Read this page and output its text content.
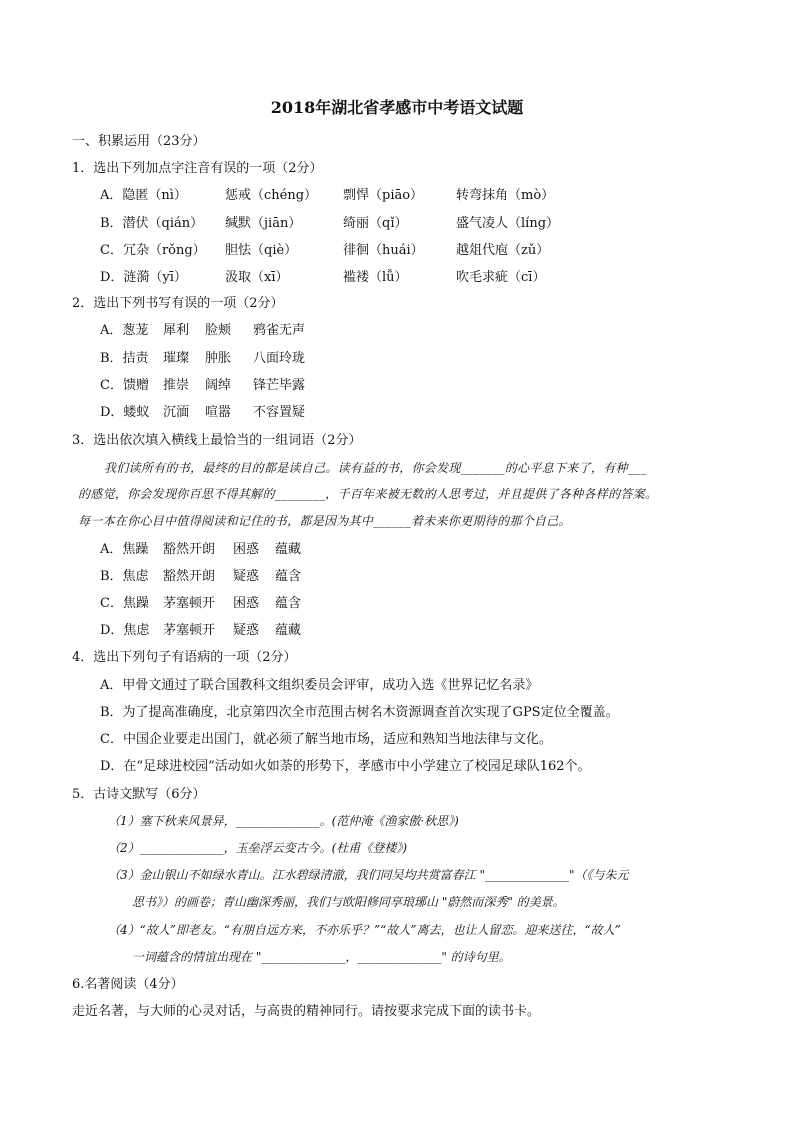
2018年湖北省孝感市中考语文试题
一、积累运用（23分）
1．选出下列加点字注音有误的一项（2分）
A．隐匿（nì）	惩戒（chéng） 剽悍（piāo）	转弯抹角（mò）
B．潜伏（qián） 缄默（jiān）	绮丽（qǐ）	盛气凌人（líng）
C．冗杂（rǒng） 胆怯（qiè）	徘徊（huái） 越俎代庖（zǔ）
D．涟漪（yī）	汲取（xī）	褴褛（lǚ）	吹毛求疵（cī）
2．选出下列书写有误的一项（2分）
A．葱茏 犀利 脸颊 鸦雀无声
B．拮责 璀璨 肿胀 八面玲珑
C．馈赠 推崇 阔绰 锋芒毕露
D．蝼蚁 沉湎 喧嚣 不容置疑
3．选出依次填入横线上最恰当的一组词语（2分）
我们读所有的书，最终的目的都是读自己。读有益的书，你会发现_______的心平息下来了，有种___
的感觉，你会发现你百思不得其解的________，千百年来被无数的人思考过，并且提供了各种各样的答案。
每一本在你心目中值得阅读和记住的书，都是因为其中______着未来你更期待的那个自己。
A．焦躁 豁然开朗 困惑 蕴藏
B．焦虑 豁然开朗 疑惑 蕴含
C．焦躁 茅塞顿开 困惑 蕴含
D．焦虑 茅塞顿开 疑惑 蕴藏
4．选出下列句子有语病的一项（2分）
A．甲骨文通过了联合国教科文组织委员会评审，成功入选《世界记忆名录》
B．为了提高准确度，北京第四次全市范围古树名木资源调查首次实现了GPS定位全覆盖。
C．中国企业要走出国门，就必须了解当地市场，适应和熟知当地法律与文化。
D．在“足球进校园”活动如火如荼的形势下，孝感市中小学建立了校园足球队162个。
5．古诗文默写（6分）
（1）塞下秋来风景异，______________。(范仲淹《渔家傲·秋思》)
（2）______________，玉垒浮云变古今。(杜甫《登楼》)
（3）金山银山不如绿水青山。江水碧绿清澈，我们同吴均共赏富春江 "______________"（《与朱元
思书》）的画卷；青山幽深秀丽，我们与欧阳修同享琅琊山 "蔚然而深秀" 的美景。
（4）“故人”即老友。“有朋自远方来，不亦乐乎？”“故人”离去，也让人留恋。迎来送往，“故人”
一词蕴含的情谊出现在 "______________，______________" 的诗句里。
6.名著阅读（4分）
走近名著，与大师的心灵对话，与高贵的精神同行。请按要求完成下面的读书卡。
